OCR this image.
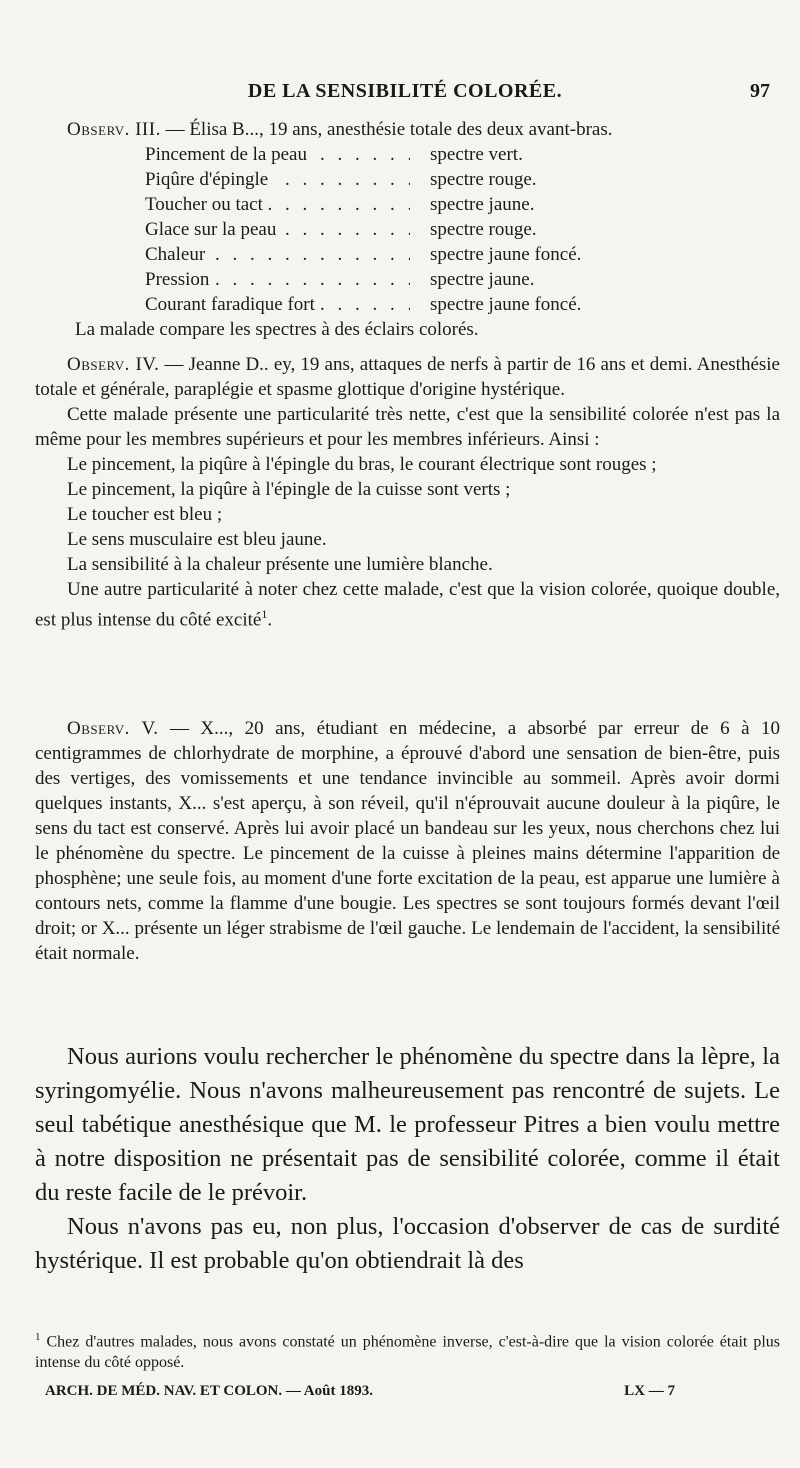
DE LA SENSIBILITÉ COLORÉE.	97

Observ. III. — Élisa B..., 19 ans, anesthésie totale des deux avant-bras.

Pincement de la peau . . .	spectre vert.
Piqûre d'épingle . . .	spectre rouge.
Toucher ou tact . . .	spectre jaune.
Glace sur la peau . . .	spectre rouge.
Chaleur . . .	spectre jaune foncé.
Pression . . .	spectre jaune.
Courant faradique fort . . .	spectre jaune foncé.

La malade compare les spectres à des éclairs colorés.

Observ. IV. — Jeanne D.. ey, 19 ans, attaques de nerfs à partir de 16 ans et demi. Anesthésie totale et générale, paraplégie et spasme glottique d'origine hystérique.

Cette malade présente une particularité très nette, c'est que la sensibilité colorée n'est pas la même pour les membres supérieurs et pour les membres inférieurs. Ainsi :

Le pincement, la piqûre à l'épingle du bras, le courant électrique sont rouges ;

Le pincement, la piqûre à l'épingle de la cuisse sont verts ;

Le toucher est bleu ;

Le sens musculaire est bleu jaune.

La sensibilité à la chaleur présente une lumière blanche.

Une autre particularité à noter chez cette malade, c'est que la vision colorée, quoique double, est plus intense du côté excité$^1$.

Observ. V. — X..., 20 ans, étudiant en médecine, a absorbé par erreur de 6 à 10 centigrammes de chlorhydrate de morphine, a éprouvé d'abord une sensation de bien-être, puis des vertiges, des vomissements et une tendance invincible au sommeil. Après avoir dormi quelques instants, X... s'est aperçu, à son réveil, qu'il n'éprouvait aucune douleur à la piqûre, le sens du tact est conservé. Après lui avoir placé un bandeau sur les yeux, nous cherchons chez lui le phénomène du spectre. Le pincement de la cuisse à pleines mains détermine l'apparition de phosphène; une seule fois, au moment d'une forte excitation de la peau, est apparue une lumière à contours nets, comme la flamme d'une bougie. Les spectres se sont toujours formés devant l'œil droit; or X... présente un léger strabisme de l'œil gauche. Le lendemain de l'accident, la sensibilité était normale.

Nous aurions voulu rechercher le phénomène du spectre dans la lèpre, la syringomyélie. Nous n'avons malheureusement pas rencontré de sujets. Le seul tabétique anesthésique que M. le professeur Pitres a bien voulu mettre à notre disposition ne présentait pas de sensibilité colorée, comme il était du reste facile de le prévoir.

Nous n'avons pas eu, non plus, l'occasion d'observer de cas de surdité hystérique. Il est probable qu'on obtiendrait là des

$^1$ Chez d'autres malades, nous avons constaté un phénomène inverse, c'est-à-dire que la vision colorée était plus intense du côté opposé.
ARCH. DE MÉD. NAV. ET COLON. — Août 1893.	LX — 7
